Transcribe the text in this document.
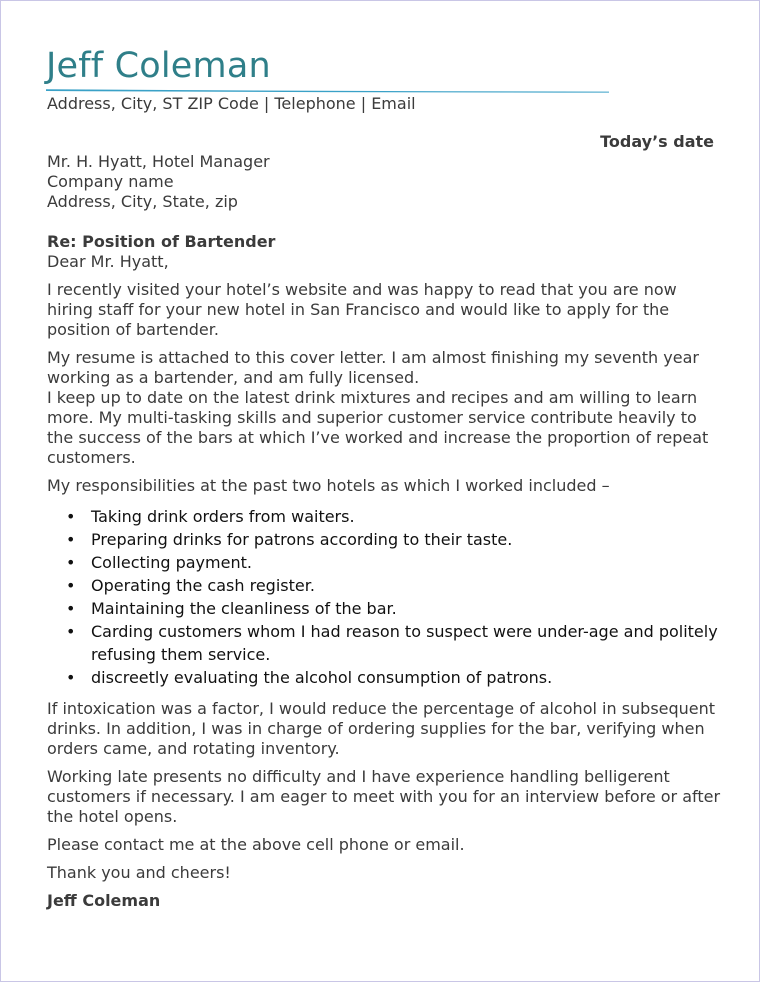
Jeff Coleman
Address, City, ST ZIP Code | Telephone | Email
Today’s date

Mr. H. Hyatt, Hotel Manager

Company name

Address, City, State, zip

Re: Position of Bartender

Dear Mr. Hyatt,

I recently visited your hotel’s website and was happy to read that you are now hiring staff for your new hotel in San Francisco and would like to apply for the position of bartender.

My resume is attached to this cover letter. I am almost finishing my seventh year working as a bartender, and am fully licensed.

I keep up to date on the latest drink mixtures and recipes and am willing to learn more. My multi-tasking skills and superior customer service contribute heavily to the success of the bars at which I’ve worked and increase the proportion of repeat customers.

My responsibilities at the past two hotels as which I worked included –

• Taking drink orders from waiters.
• Preparing drinks for patrons according to their taste.
• Collecting payment.
• Operating the cash register.
• Maintaining the cleanliness of the bar.
• Carding customers whom I had reason to suspect were under-age and politely refusing them service.
• discreetly evaluating the alcohol consumption of patrons.

If intoxication was a factor, I would reduce the percentage of alcohol in subsequent drinks. In addition, I was in charge of ordering supplies for the bar, verifying when orders came, and rotating inventory.

Working late presents no difficulty and I have experience handling belligerent customers if necessary. I am eager to meet with you for an interview before or after the hotel opens.

Please contact me at the above cell phone or email.

Thank you and cheers!

Jeff Coleman
